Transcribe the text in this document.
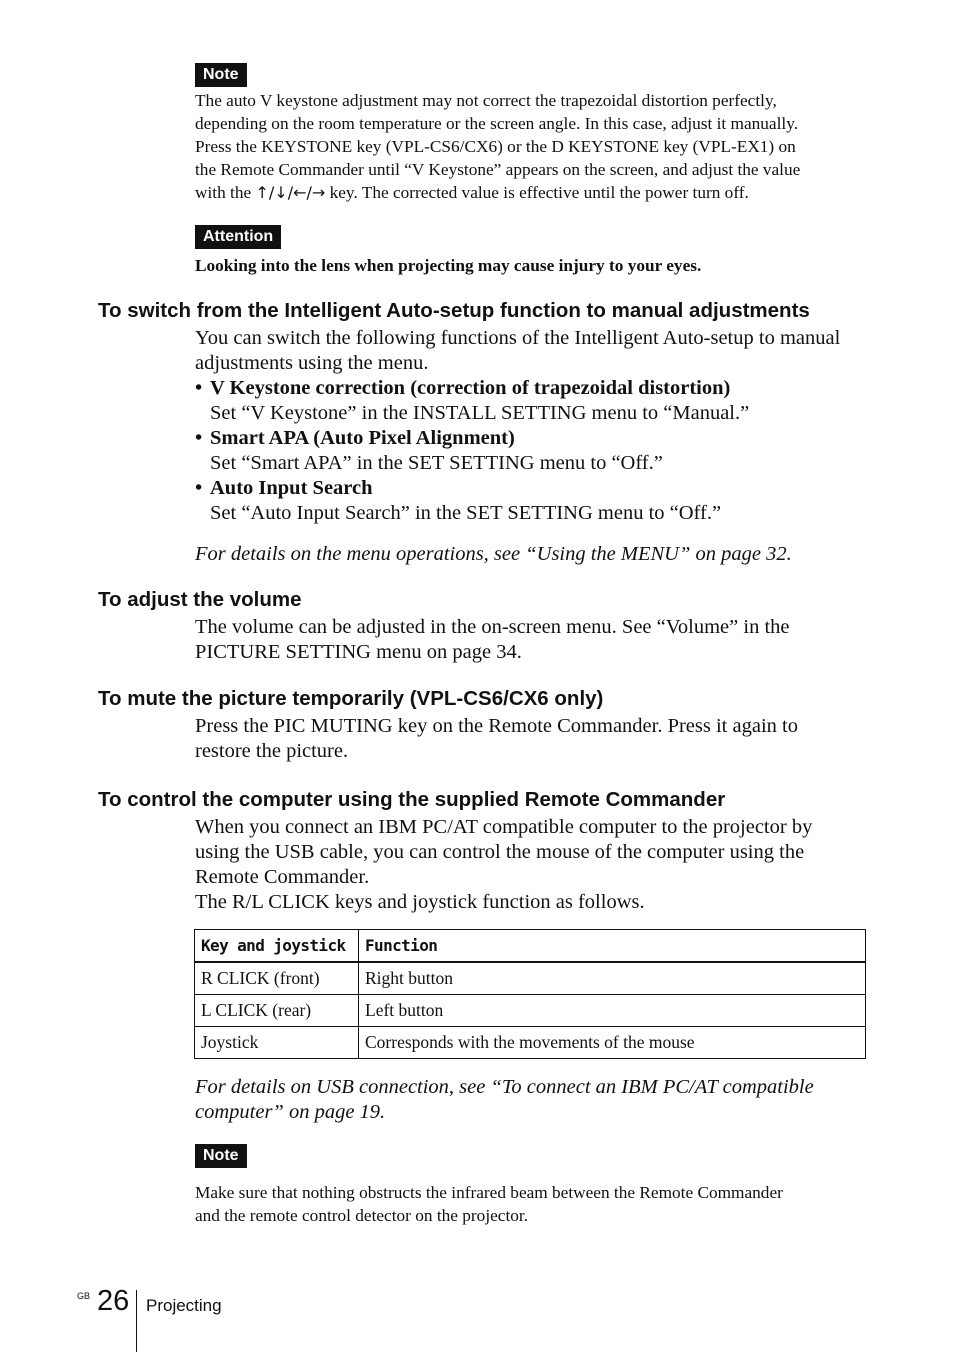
Note
The auto V keystone adjustment may not correct the trapezoidal distortion perfectly,
depending on the room temperature or the screen angle. In this case, adjust it manually.
Press the KEYSTONE key (VPL-CS6/CX6) or the D KEYSTONE key (VPL-EX1) on
the Remote Commander until “V Keystone” appears on the screen, and adjust the value
with the ↑/↓/←/→ key. The corrected value is effective until the power turn off.
Attention
Looking into the lens when projecting may cause injury to your eyes.
To switch from the Intelligent Auto-setup function to manual adjustments
You can switch the following functions of the Intelligent Auto-setup to manual
adjustments using the menu.
• V Keystone correction (correction of trapezoidal distortion)
Set “V Keystone” in the INSTALL SETTING menu to “Manual.”
• Smart APA (Auto Pixel Alignment)
Set “Smart APA” in the SET SETTING menu to “Off.”
• Auto Input Search
Set “Auto Input Search” in the SET SETTING menu to “Off.”
For details on the menu operations, see “Using the MENU” on page 32.
To adjust the volume
The volume can be adjusted in the on-screen menu. See “Volume” in the
PICTURE SETTING menu on page 34.
To mute the picture temporarily (VPL-CS6/CX6 only)
Press the PIC MUTING key on the Remote Commander. Press it again to
restore the picture.
To control the computer using the supplied Remote Commander
When you connect an IBM PC/AT compatible computer to the projector by
using the USB cable, you can control the mouse of the computer using the
Remote Commander.
The R/L CLICK keys and joystick function as follows.
Key and joystick	Function
R CLICK (front)	Right button
L CLICK (rear)	Left button
Joystick	Corresponds with the movements of the mouse
For details on USB connection, see “To connect an IBM PC/AT compatible
computer” on page 19.
Note
Make sure that nothing obstructs the infrared beam between the Remote Commander
and the remote control detector on the projector.
GB 26 Projecting
